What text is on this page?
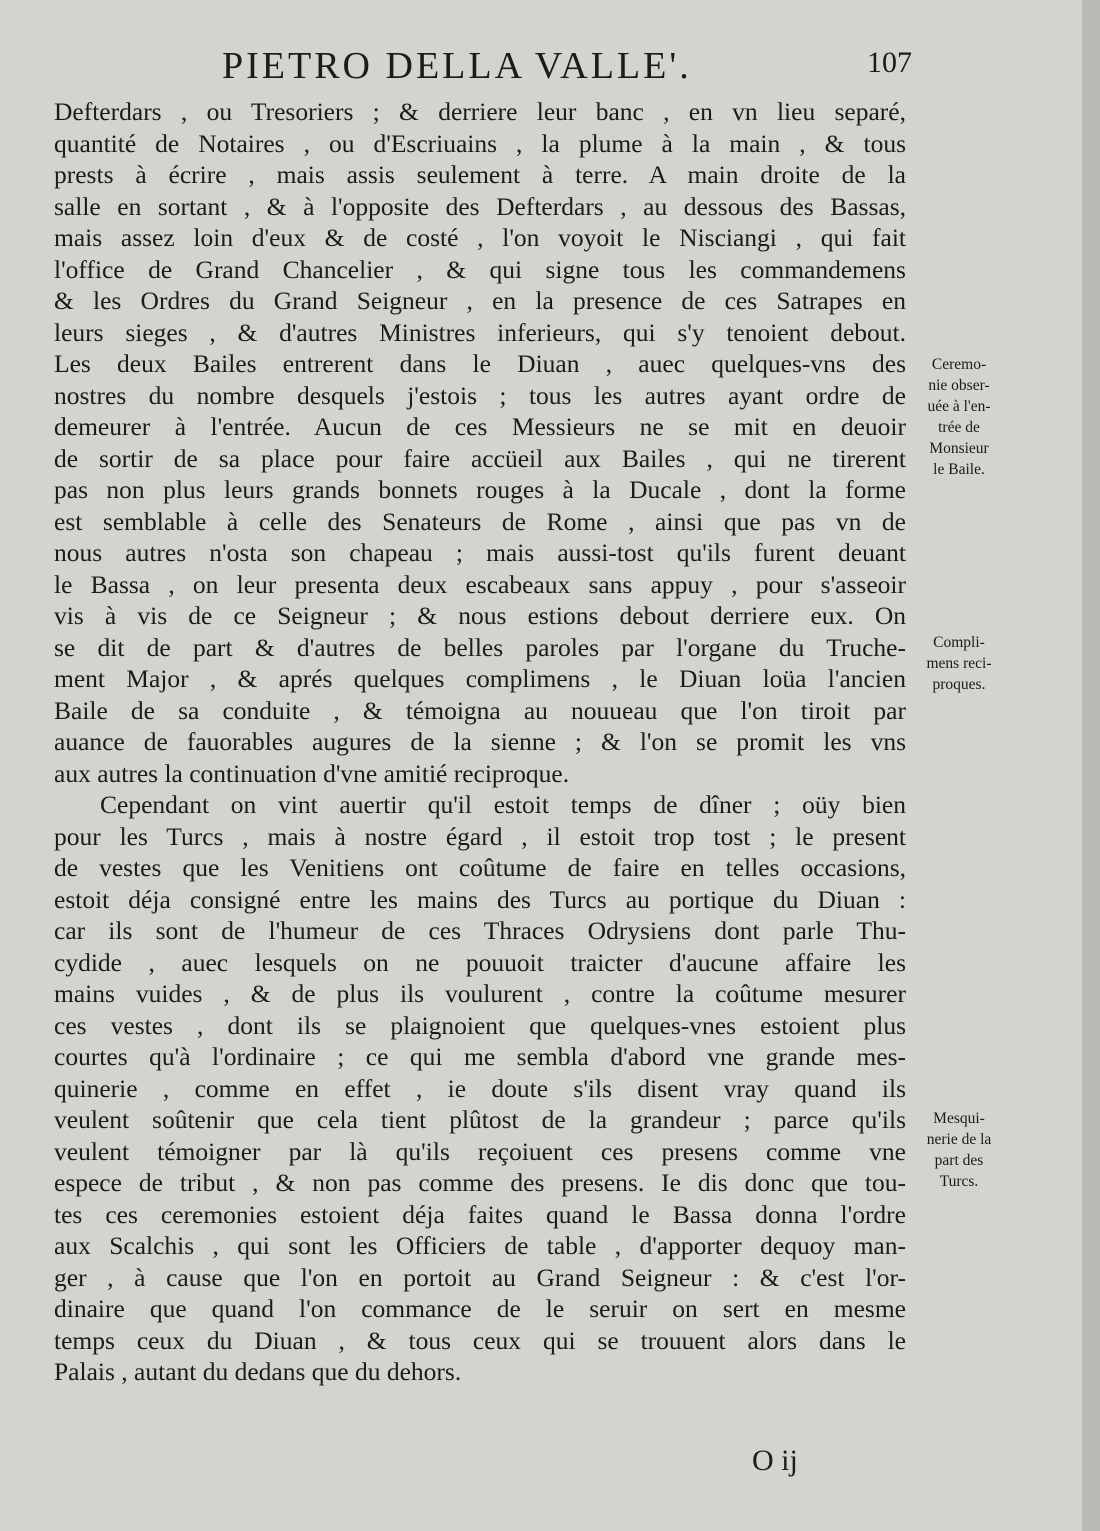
PIETRO DELLA VALLE'.	107
Defterdars , ou Tresoriers ; & derriere leur banc , en vn lieu separé,
quantité de Notaires , ou d'Escriuains , la plume à la main , & tous
prests à écrire , mais assis seulement à terre. A main droite de la
salle en sortant , & à l'opposite des Defterdars , au dessous des Bassas,
mais assez loin d'eux & de costé , l'on voyoit le Nisciangi , qui fait
l'office de Grand Chancelier , & qui signe tous les commandemens
& les Ordres du Grand Seigneur , en la presence de ces Satrapes en
leurs sieges , & d'autres Ministres inferieurs, qui s'y tenoient debout.
Les deux Bailes entrerent dans le Diuan , auec quelques-vns des
nostres du nombre desquels j'estois ; tous les autres ayant ordre de
demeurer à l'entrée. Aucun de ces Messieurs ne se mit en deuoir
de sortir de sa place pour faire accüeil aux Bailes , qui ne tirerent
pas non plus leurs grands bonnets rouges à la Ducale , dont la forme
est semblable à celle des Senateurs de Rome , ainsi que pas vn de
nous autres n'osta son chapeau ; mais aussi-tost qu'ils furent deuant
le Bassa , on leur presenta deux escabeaux sans appuy , pour s'asseoir
vis à vis de ce Seigneur ; & nous estions debout derriere eux. On
se dit de part & d'autres de belles paroles par l'organe du Truche-
ment Major , & aprés quelques complimens , le Diuan loüa l'ancien
Baile de sa conduite , & témoigna au nouueau que l'on tiroit par
auance de fauorables augures de la sienne ; & l'on se promit les vns
aux autres la continuation d'vne amitié reciproque.
Cependant on vint auertir qu'il estoit temps de dîner ; oüy bien
pour les Turcs , mais à nostre égard , il estoit trop tost ; le present
de vestes que les Venitiens ont coûtume de faire en telles occasions,
estoit déja consigné entre les mains des Turcs au portique du Diuan :
car ils sont de l'humeur de ces Thraces Odrysiens dont parle Thu-
cydide , auec lesquels on ne pouuoit traicter d'aucune affaire les
mains vuides , & de plus ils voulurent , contre la coûtume mesurer
ces vestes , dont ils se plaignoient que quelques-vnes estoient plus
courtes qu'à l'ordinaire ; ce qui me sembla d'abord vne grande mes-
quinerie , comme en effet , ie doute s'ils disent vray quand ils
veulent soûtenir que cela tient plûtost de la grandeur ; parce qu'ils
veulent témoigner par là qu'ils reçoiuent ces presens comme vne
espece de tribut , & non pas comme des presens. Ie dis donc que tou-
tes ces ceremonies estoient déja faites quand le Bassa donna l'ordre
aux Scalchis , qui sont les Officiers de table , d'apporter dequoy man-
ger , à cause que l'on en portoit au Grand Seigneur : & c'est l'or-
dinaire que quand l'on commance de le seruir on sert en mesme
temps ceux du Diuan , & tous ceux qui se trouuent alors dans le
Palais , autant du dedans que du dehors.
Ceremo-
nie obser-
uée à l'en-
trée de
Monsieur
le Baile.
Compli-
mens reci-
proques.
Mesqui-
nerie de la
part des
Turcs.
O ij
